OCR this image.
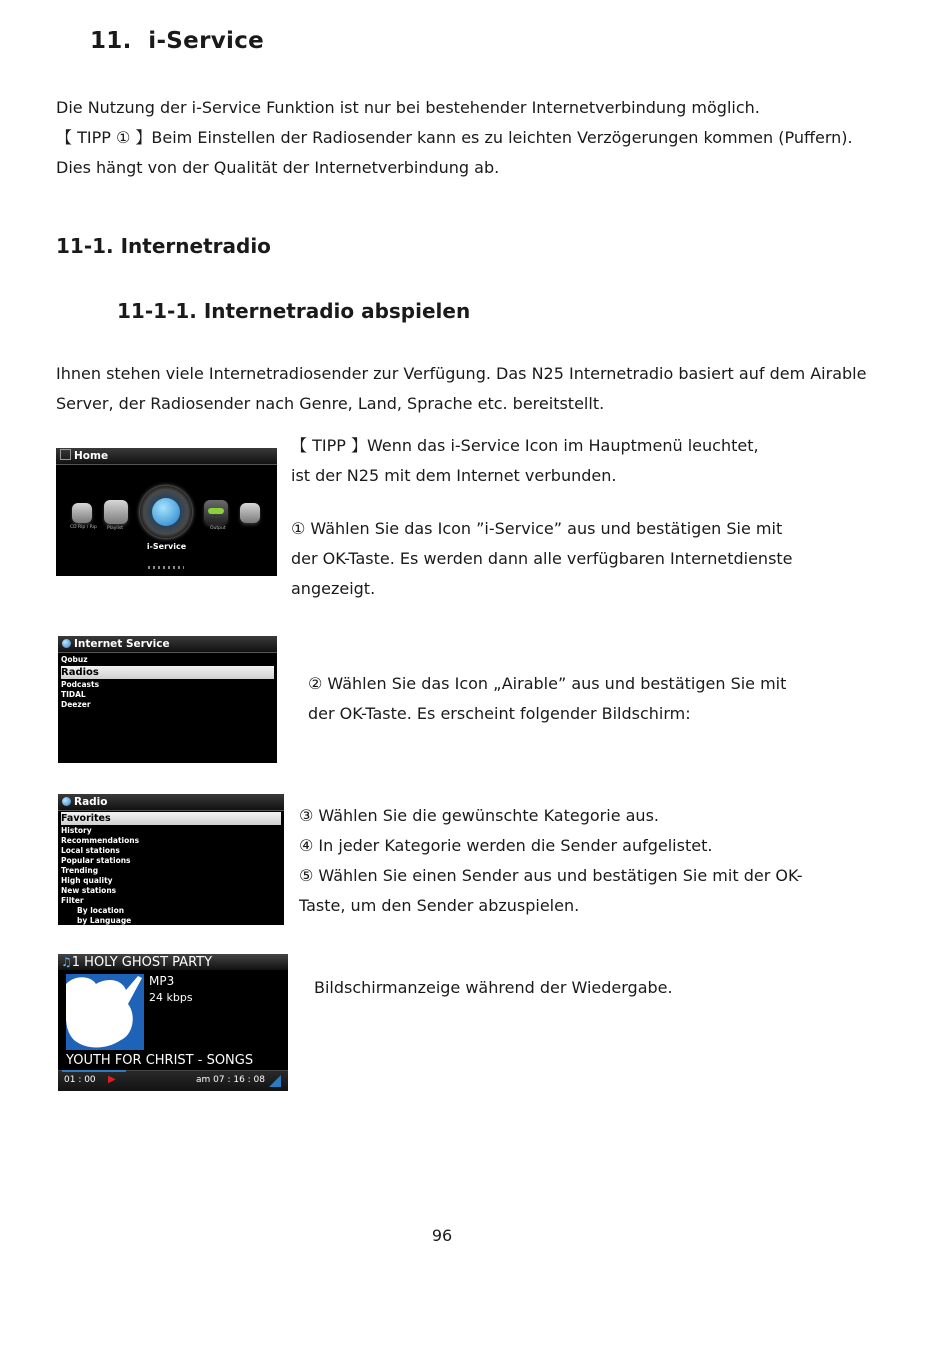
11. i-Service
Die Nutzung der i-Service Funktion ist nur bei bestehender Internetverbindung möglich.
【 TIPP ① 】Beim Einstellen der Radiosender kann es zu leichten Verzögerungen kommen (Puffern).
Dies hängt von der Qualität der Internetverbindung ab.
11-1. Internetradio
11-1-1. Internetradio abspielen
Ihnen stehen viele Internetradiosender zur Verfügung. Das N25 Internetradio basiert auf dem Airable
Server, der Radiosender nach Genre, Land, Sprache etc. bereitstellt.
Home
CD Rip / Rip Playlist
i-Service
Output
【 TIPP 】Wenn das i-Service Icon im Hauptmenü leuchtet,
ist der N25 mit dem Internet verbunden.
① Wählen Sie das Icon ”i-Service” aus und bestätigen Sie mit
der OK-Taste. Es werden dann alle verfügbaren Internetdienste
angezeigt.
Internet Service
Qobuz
Radios
Podcasts
TIDAL
Deezer
② Wählen Sie das Icon „Airable” aus und bestätigen Sie mit
der OK-Taste. Es erscheint folgender Bildschirm:
Radio
Favorites
History
Recommendations
Local stations
Popular stations
Trending
High quality
New stations
Filter
By location
by Language
③ Wählen Sie die gewünschte Kategorie aus.
④ In jeder Kategorie werden die Sender aufgelistet.
⑤ Wählen Sie einen Sender aus und bestätigen Sie mit der OK-
Taste, um den Sender abzuspielen.
♫1 HOLY GHOST PARTY
MP3
24 kbps
YOUTH FOR CHRIST - SONGS
01 : 00 ▶	am 07 : 16 : 08
Bildschirmanzeige während der Wiedergabe.
96
